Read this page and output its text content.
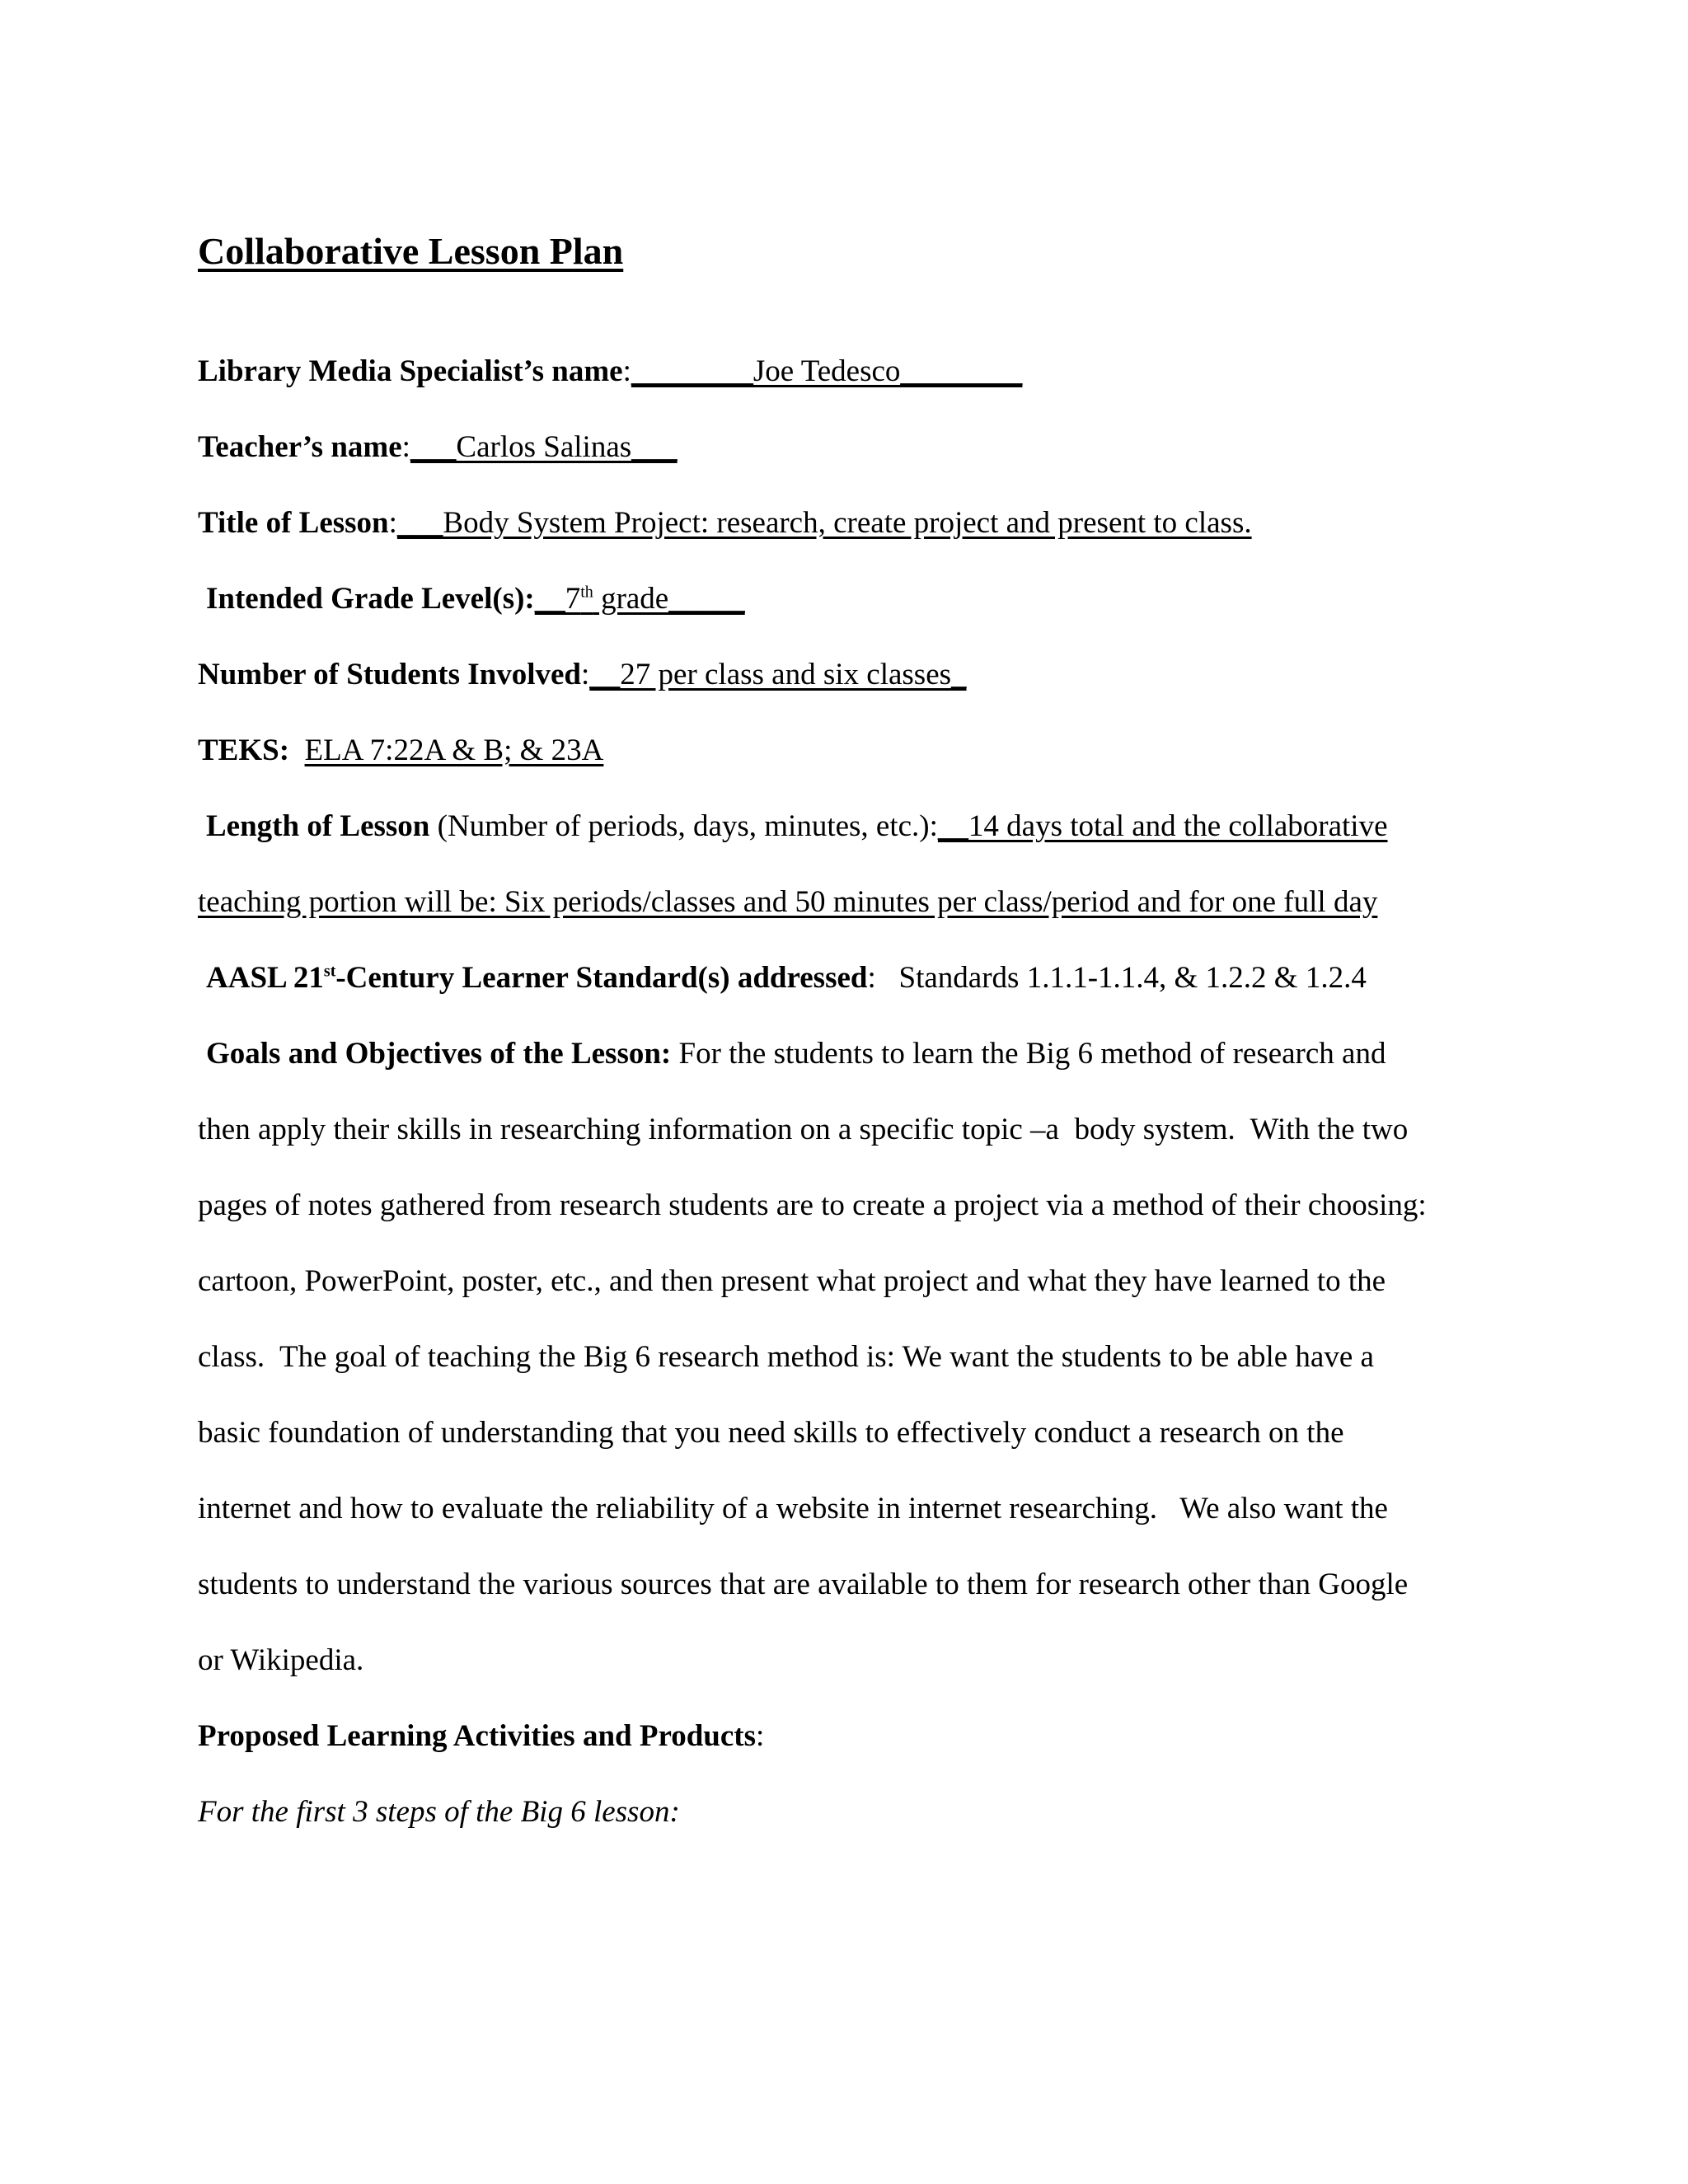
Collaborative Lesson Plan
Library Media Specialist’s name:________Joe Tedesco________
Teacher’s name:___Carlos Salinas___
Title of Lesson:___Body System Project: research, create project and present to class.
Intended Grade Level(s):__7th grade_____
Number of Students Involved:__27 per class and six classes_
TEKS: ELA 7:22A & B; & 23A
Length of Lesson (Number of periods, days, minutes, etc.):__14 days total and the collaborative
teaching portion will be: Six periods/classes and 50 minutes per class/period and for one full day
AASL 21st-Century Learner Standard(s) addressed:   Standards 1.1.1-1.1.4, & 1.2.2 & 1.2.4
Goals and Objectives of the Lesson: For the students to learn the Big 6 method of research and
then apply their skills in researching information on a specific topic –a  body system.  With the two
pages of notes gathered from research students are to create a project via a method of their choosing:
cartoon, PowerPoint, poster, etc., and then present what project and what they have learned to the
class.  The goal of teaching the Big 6 research method is: We want the students to be able have a
basic foundation of understanding that you need skills to effectively conduct a research on the
internet and how to evaluate the reliability of a website in internet researching.   We also want the
students to understand the various sources that are available to them for research other than Google
or Wikipedia.
Proposed Learning Activities and Products:
For the first 3 steps of the Big 6 lesson:
